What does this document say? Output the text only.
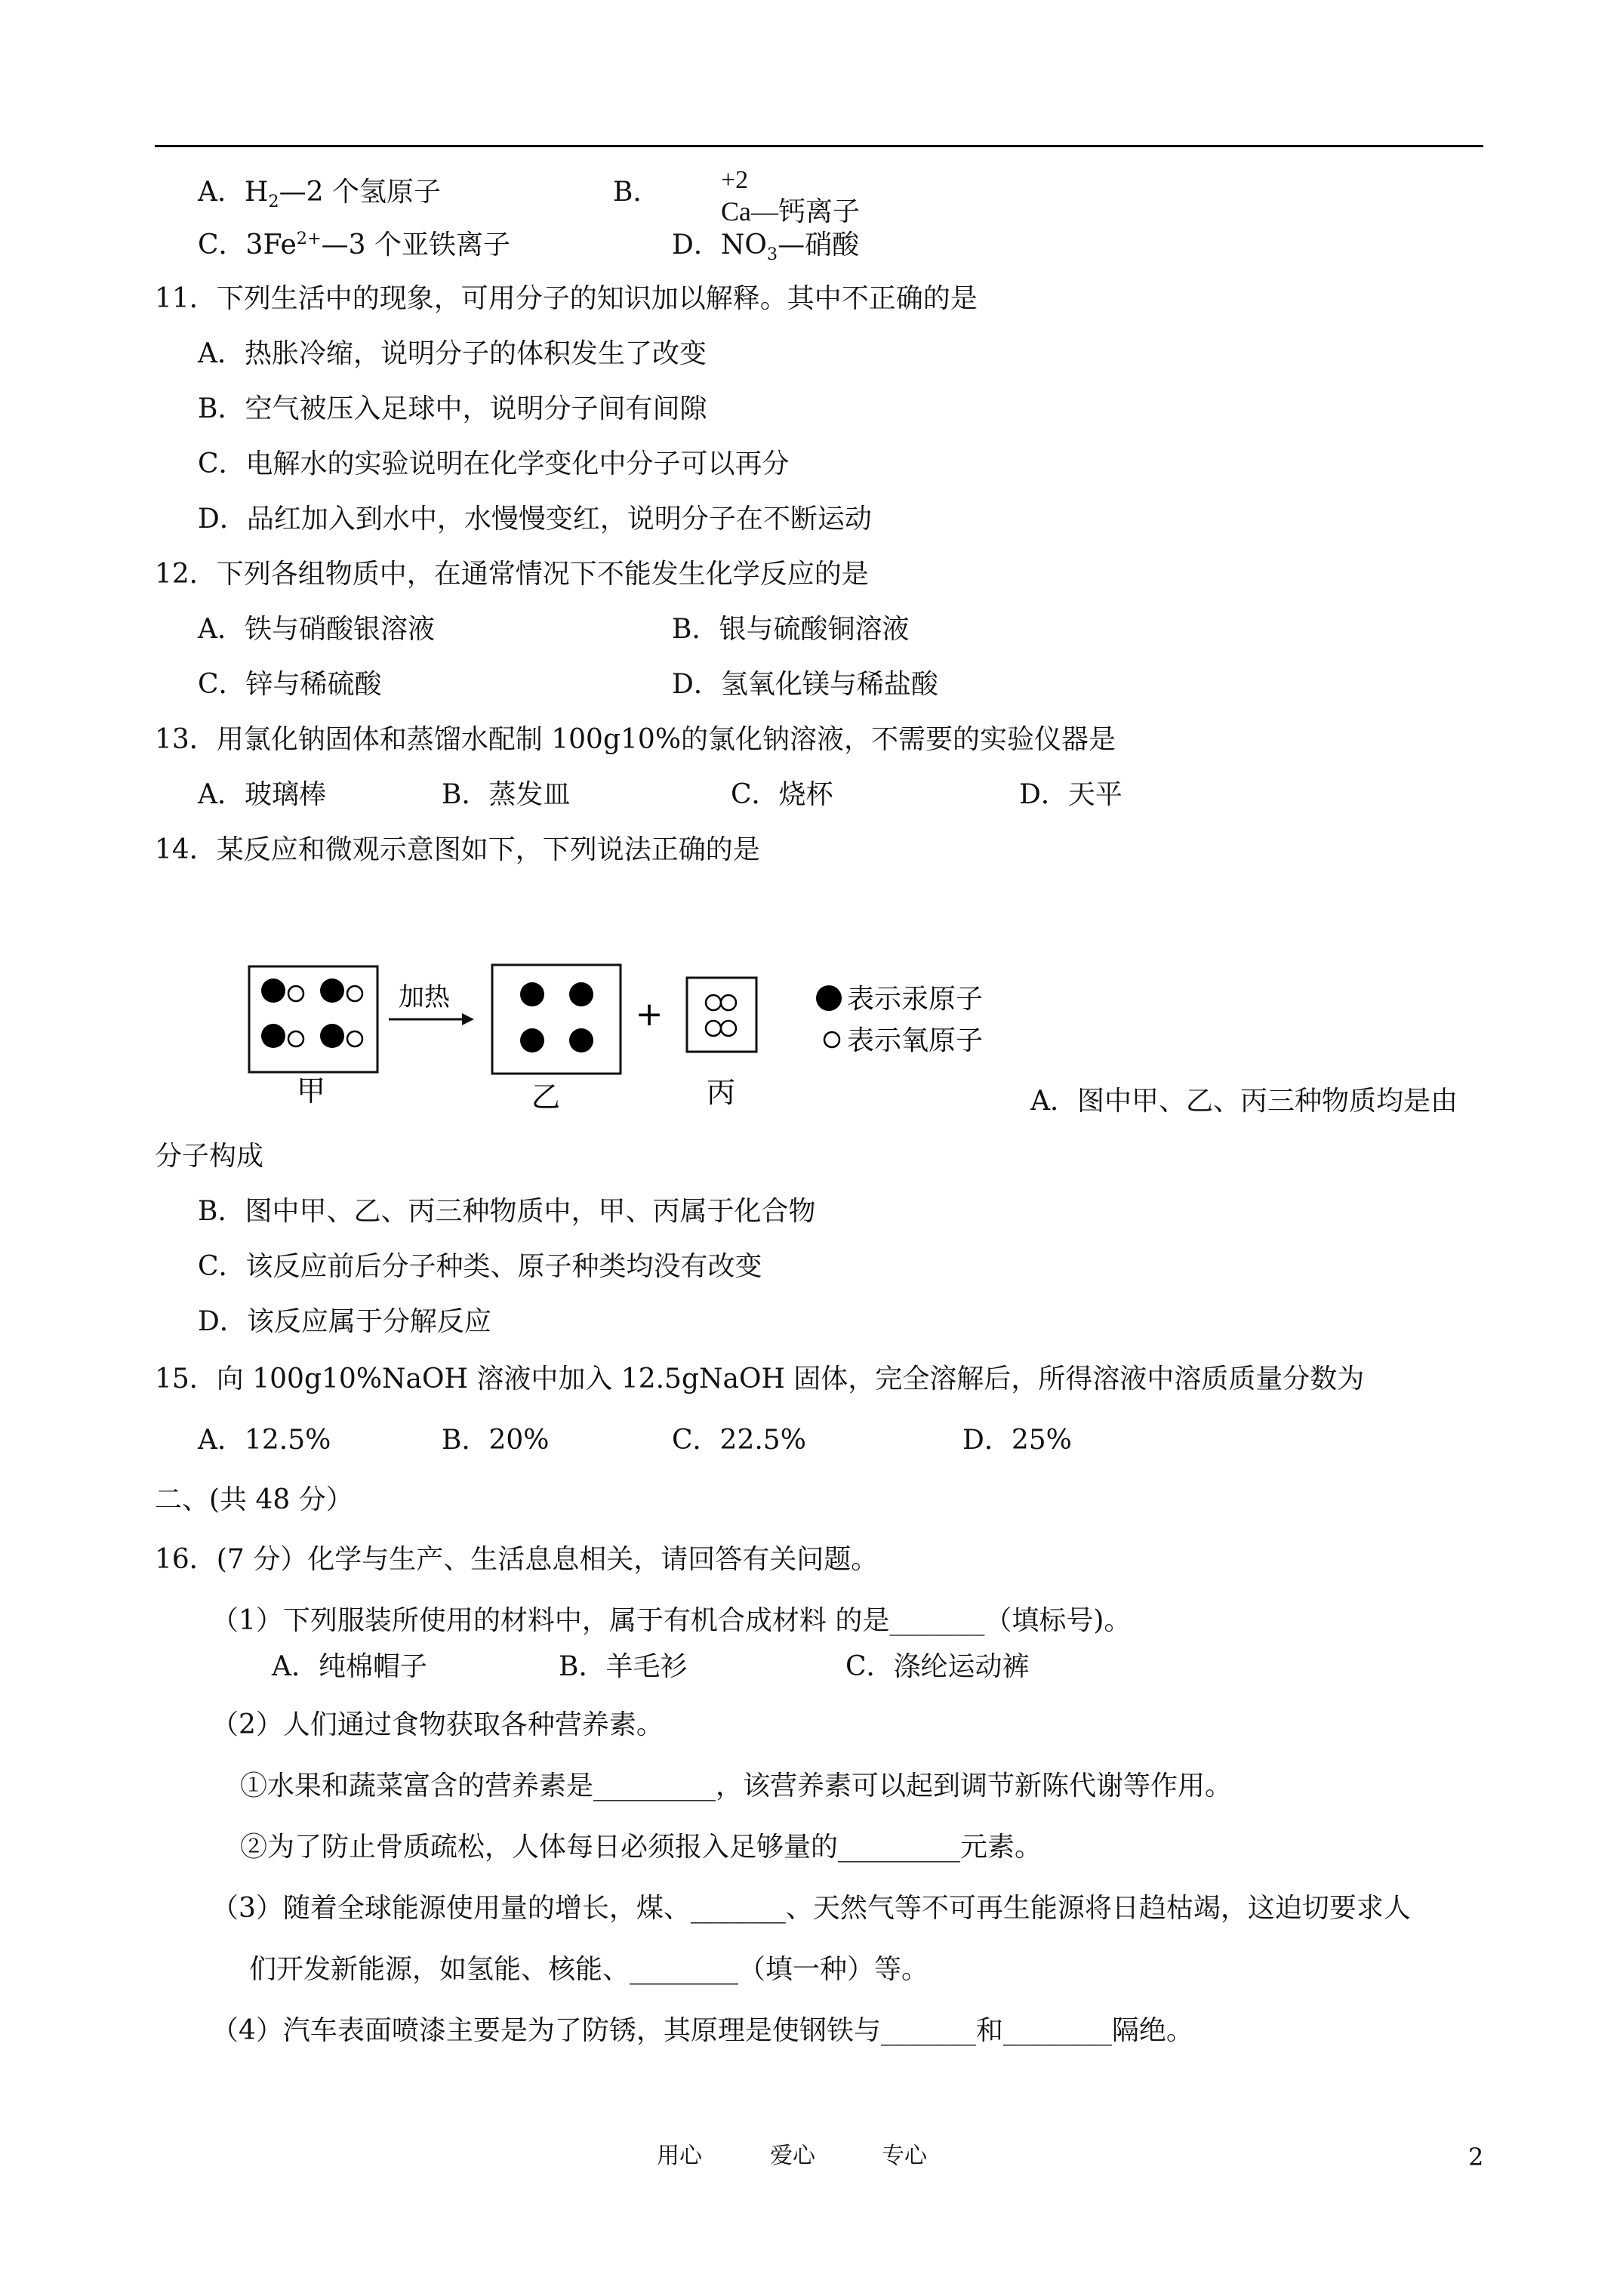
A．$H_2—2$ 个氢原子	B． +2
Ca—钙离子
C．$3Fe^{2+}—3$ 个亚铁离子	D．$NO_3—$硝酸
11．下列生活中的现象，可用分子的知识加以解释。其中不正确的是
A．热胀冷缩，说明分子的体积发生了改变
B．空气被压入足球中，说明分子间有间隙
C．电解水的实验说明在化学变化中分子可以再分
D．品红加入到水中，水慢慢变红，说明分子在不断运动
12．下列各组物质中，在通常情况下不能发生化学反应的是
A．铁与硝酸银溶液	B．银与硫酸铜溶液
C．锌与稀硫酸	D．氢氧化镁与稀盐酸
13．用氯化钠固体和蒸馏水配制 100g10%的氯化钠溶液，不需要的实验仪器是
A．玻璃棒	B．蒸发皿	C．烧杯	D．天平
14．某反应和微观示意图如下，下列说法正确的是
甲
加热
乙
+
丙
表示汞原子
表示氧原子
A．图中甲、乙、丙三种物质均是由
分子构成
B．图中甲、乙、丙三种物质中，甲、丙属于化合物
C．该反应前后分子种类、原子种类均没有改变
D．该反应属于分解反应
15．向 100g10%NaOH 溶液中加入 12.5gNaOH 固体，完全溶解后，所得溶液中溶质质量分数为
A．12.5%	B．20%	C．22.5%	D．25%
二、(共 48 分）
16．(7 分）化学与生产、生活息息相关，请回答有关问题。
（1）下列服装所使用的材料中，属于有机合成材料 的是_______（填标号)。
A．纯棉帽子	B．羊毛衫	C．涤纶运动裤
（2）人们通过食物获取各种营养素。
①水果和蔬菜富含的营养素是_________，该营养素可以起到调节新陈代谢等作用。
②为了防止骨质疏松，人体每日必须报入足够量的_________元素。
（3）随着全球能源使用量的增长，煤、_______、天然气等不可再生能源将日趋枯竭，这迫切要求人
们开发新能源，如氢能、核能、________（填一种）等。
（4）汽车表面喷漆主要是为了防锈，其原理是使钢铁与_______和________隔绝。
用心	爱心	专心	2
